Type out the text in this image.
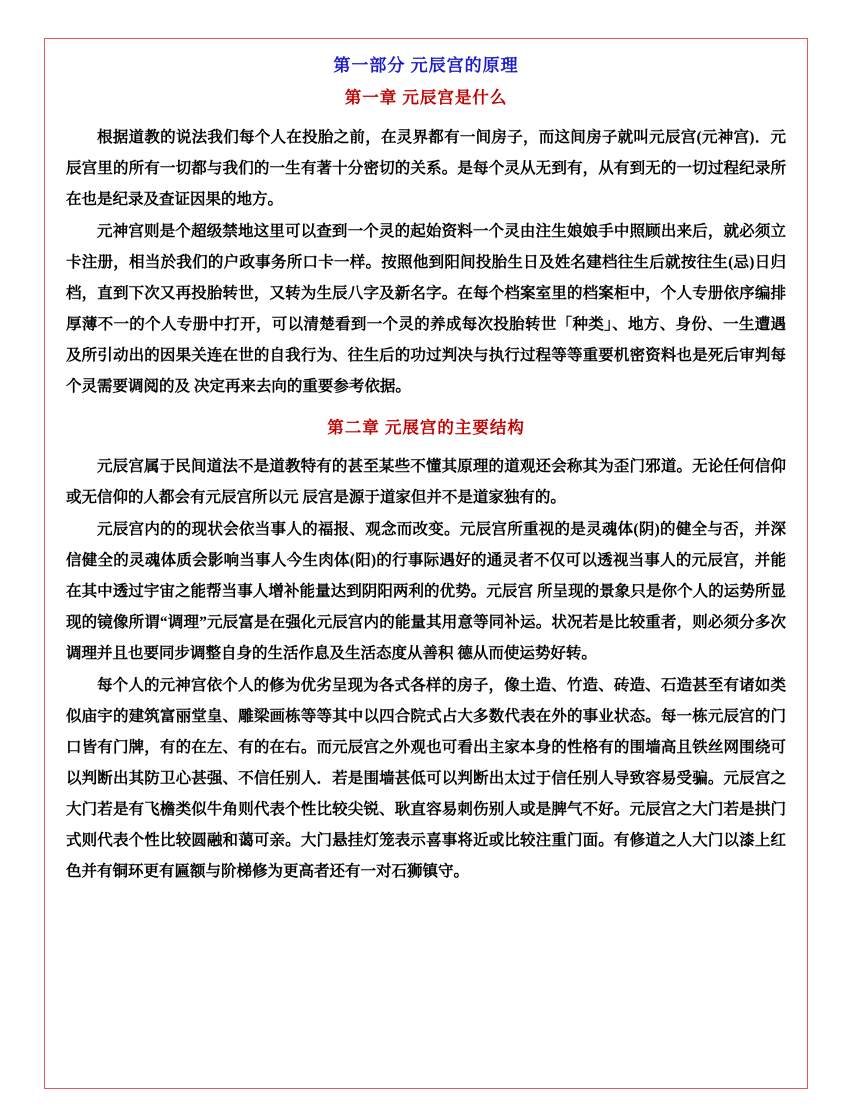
第一部分 元辰宫的原理
第一章 元辰宫是什么

根据道教的说法我们每个人在投胎之前，在灵界都有一间房子，而这间房子就叫元辰宫(元神宫)．元辰宫里的所有一切都与我们的一生有著十分密切的关系。是每个灵从无到有，从有到无的一切过程纪录所在也是纪录及查证因果的地方。

元神宫则是个超级禁地这里可以查到一个灵的起始资料一个灵由注生娘娘手中照顾出来后，就必须立卡注册，相当於我们的户政事务所口卡一样。按照他到阳间投胎生日及姓名建档往生后就按往生(忌)日归档，直到下次又再投胎转世，又转为生辰八字及新名字。在每个档案室里的档案柜中，个人专册依序编排厚薄不一的个人专册中打开，可以清楚看到一个灵的养成每次投胎转世「种类」、地方、身份、一生遭遇及所引动出的因果关连在世的自我行为、往生后的功过判决与执行过程等等重要机密资料也是死后审判每个灵需要调阅的及 决定再来去向的重要参考依据。

第二章 元展宫的主要结构

元辰宫属于民间道法不是道教特有的甚至某些不懂其原理的道观还会称其为歪门邪道。无论任何信仰或无信仰的人都会有元辰宫所以元 辰宫是源于道家但并不是道家独有的。

元辰宫内的的现状会依当事人的福报、观念而改变。元辰宫所重视的是灵魂体(阴)的健全与否，并深信健全的灵魂体质会影响当事人今生肉体(阳)的行事际遇好的通灵者不仅可以透视当事人的元辰宫，并能在其中透过宇宙之能帮当事人增补能量达到阴阳两利的优势。元辰宫 所呈现的景象只是你个人的运势所显现的镜像所谓“调理”元辰富是在强化元辰宫内的能量其用意等同补运。状况若是比较重者，则必须分多次调理并且也要同步调整自身的生活作息及生活态度从善积 德从而使运势好转。

每个人的元神宫依个人的修为优劣呈现为各式各样的房子，像土造、竹造、砖造、石造甚至有诸如类似庙宇的建筑富丽堂皇、雕梁画栋等等其中以四合院式占大多数代表在外的事业状态。每一栋元辰宫的门口皆有门牌，有的在左、有的在右。而元辰宫之外观也可看出主家本身的性格有的围墙高且铁丝网围绕可以判断出其防卫心甚强、不信任别人．若是围墙甚低可以判断出太过于信任别人导致容易受骗。元辰宫之大门若是有飞檐类似牛角则代表个性比较尖锐、耿直容易刺伤别人或是脾气不好。元辰宫之大门若是拱门式则代表个性比较圆融和蔼可亲。大门悬挂灯笼表示喜事将近或比较注重门面。有修道之人大门以漆上红色并有铜环更有匾额与阶梯修为更高者还有一对石狮镇守。
